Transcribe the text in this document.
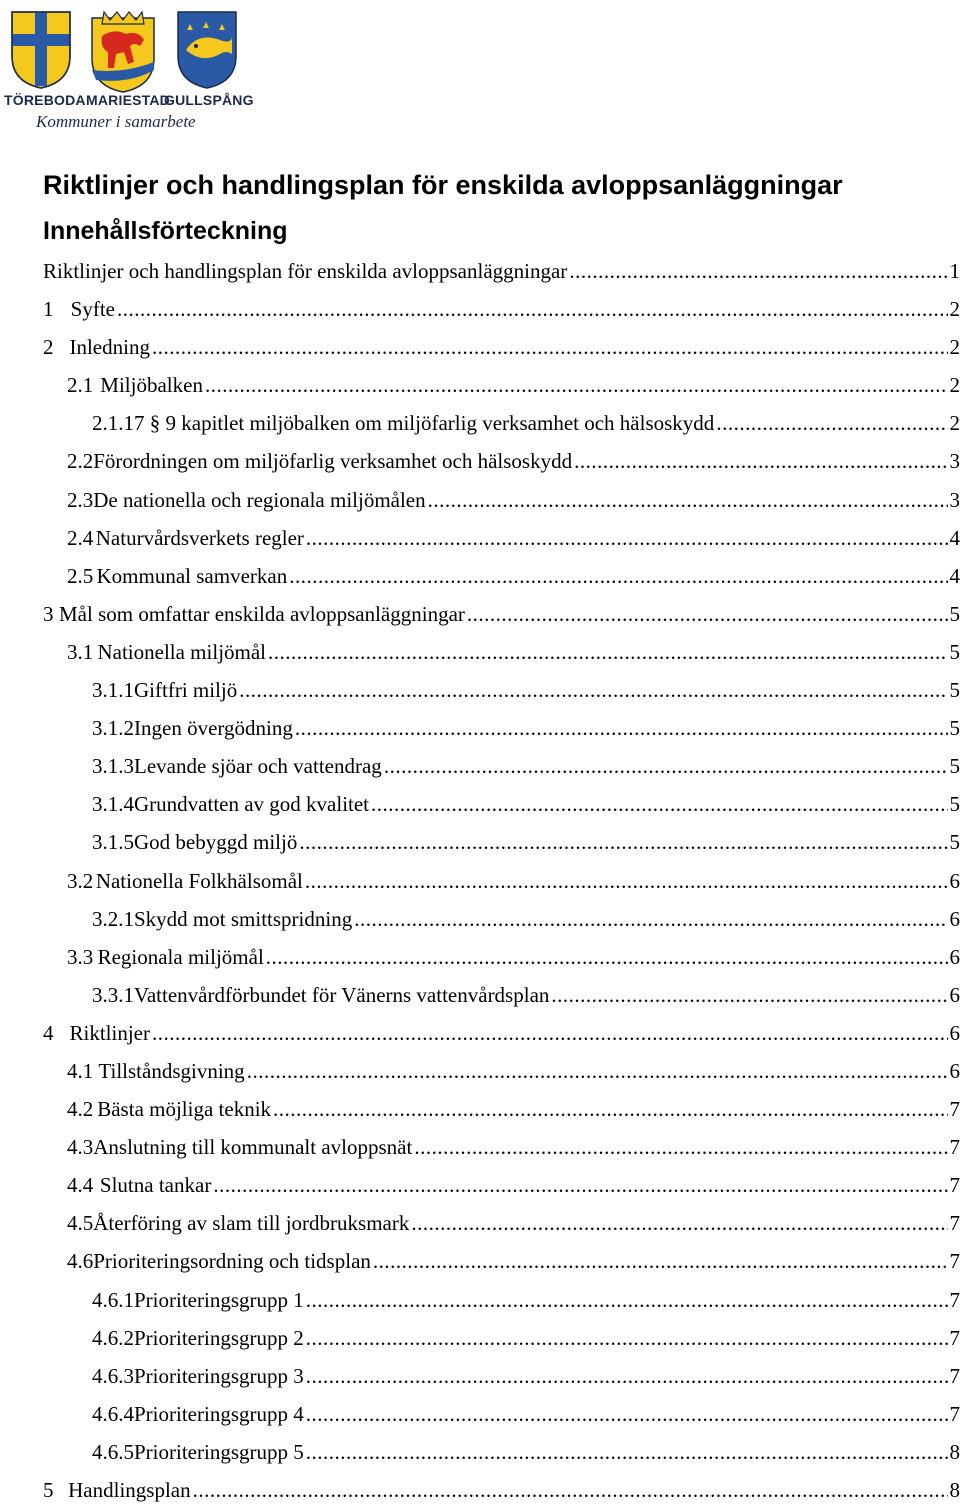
TÖREBODA MARIESTAD
GULLSPÅNG
Kommuner i samarbete
Riktlinjer och handlingsplan för enskilda avloppsanläggningar
Innehållsförteckning
Riktlinjer och handlingsplan för enskilda avloppsanläggningar .....	1
1 Syfte .....	2
2 Inledning .....	2
2.1 Miljöbalken .....	2
2.1.1 7 § 9 kapitlet miljöbalken om miljöfarlig verksamhet och hälsoskydd .....	2
2.2 Förordningen om miljöfarlig verksamhet och hälsoskydd .....	3
2.3 De nationella och regionala miljömålen .....	3
2.4 Naturvårdsverkets regler .....	4
2.5 Kommunal samverkan .....	4
3 Mål som omfattar enskilda avloppsanläggningar .....	5
3.1 Nationella miljömål .....	5
3.1.1 Giftfri miljö .....	5
3.1.2 Ingen övergödning .....	5
3.1.3 Levande sjöar och vattendrag .....	5
3.1.4 Grundvatten av god kvalitet .....	5
3.1.5 God bebyggd miljö .....	5
3.2 Nationella Folkhälsomål .....	6
3.2.1 Skydd mot smittspridning .....	6
3.3 Regionala miljömål .....	6
3.3.1 Vattenvårdförbundet för Vänerns vattenvårdsplan .....	6
4 Riktlinjer .....	6
4.1 Tillståndsgivning .....	6
4.2 Bästa möjliga teknik .....	7
4.3 Anslutning till kommunalt avloppsnät .....	7
4.4 Slutna tankar .....	7
4.5 Återföring av slam till jordbruksmark .....	7
4.6 Prioriteringsordning och tidsplan .....	7
4.6.1 Prioriteringsgrupp 1 .....	7
4.6.2 Prioriteringsgrupp 2 .....	7
4.6.3 Prioriteringsgrupp 3 .....	7
4.6.4 Prioriteringsgrupp 4 .....	7
4.6.5 Prioriteringsgrupp 5 .....	8
5 Handlingsplan .....	8
